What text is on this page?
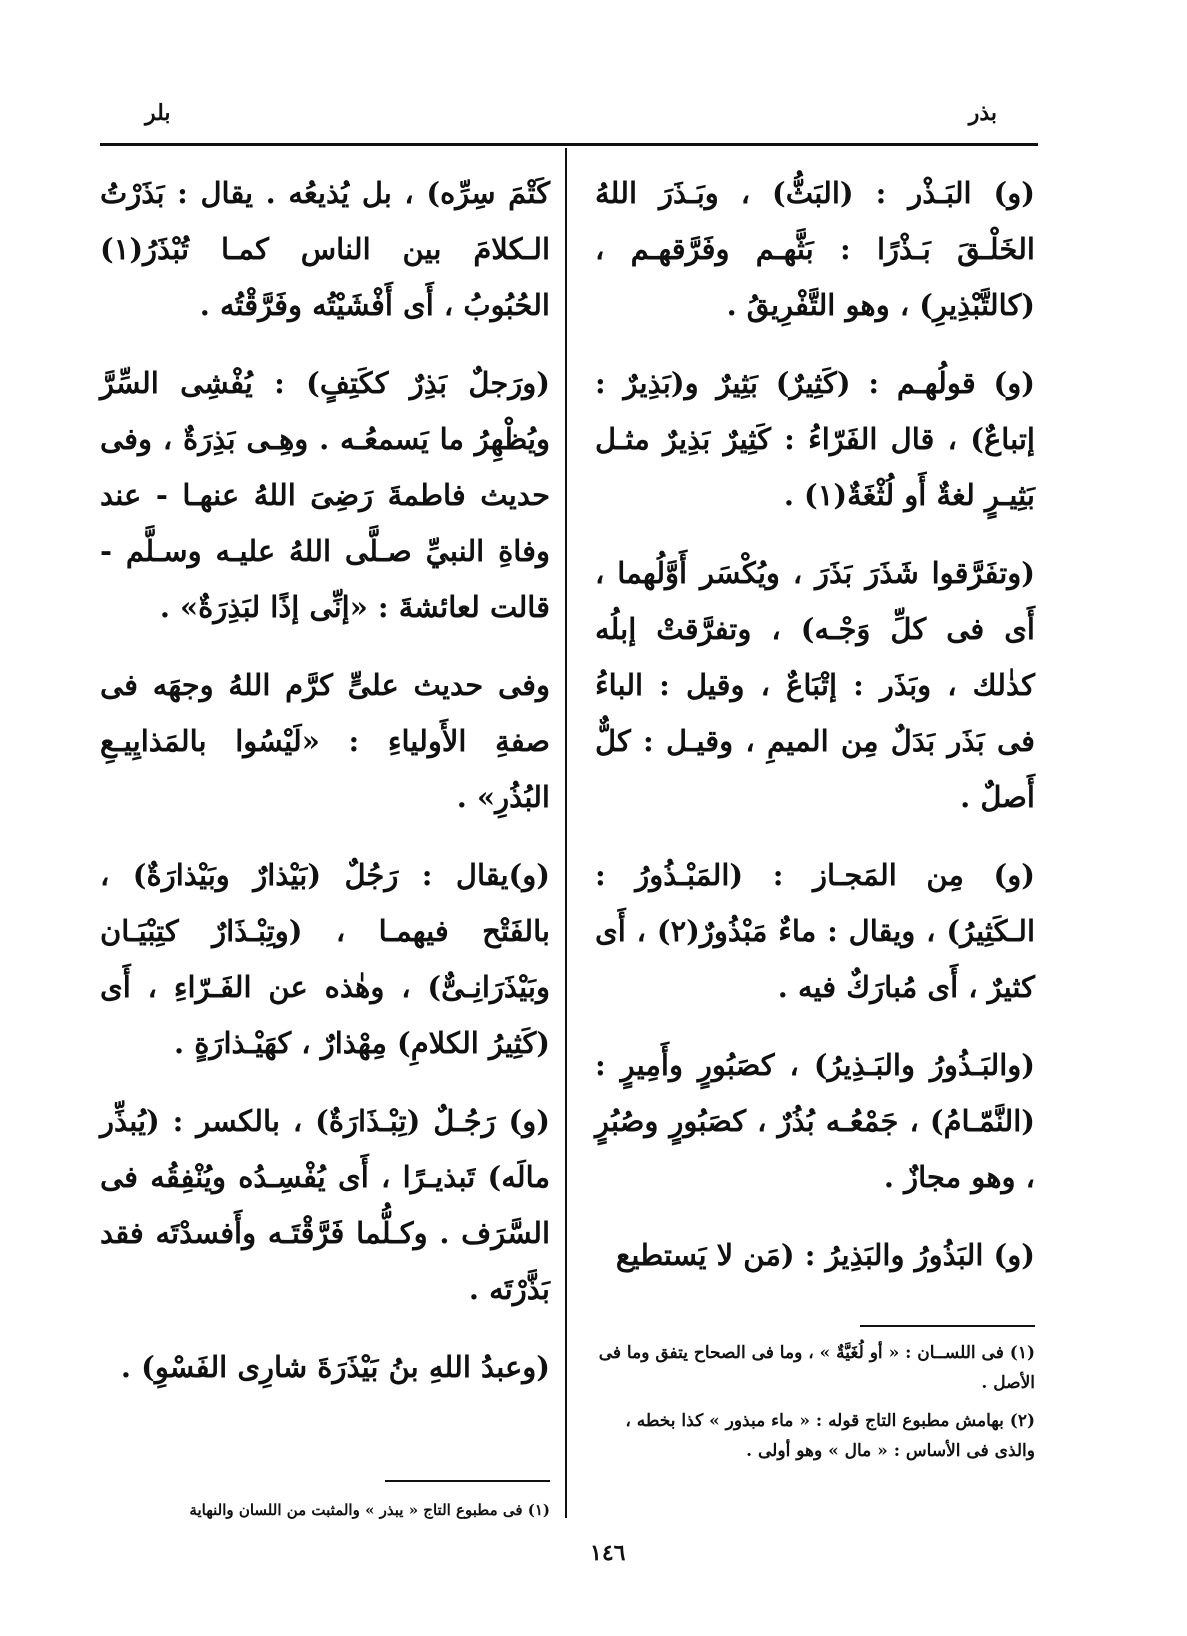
بذر
بلر

(و) البَـذْر : (البَثُّ) ، وبَـذَرَ اللهُ الخَلْـقَ بَـذْرًا : بَثَّهـم وفَرَّقهـم ، (كالتَّبْذِيرِ) ، وهو التَّفْرِيقُ .

(و) قولُهـم : (كَثِيرٌ) بَثِيرٌ و(بَذِيرٌ : إتباعٌ) ، قال الفَرّاءُ : كَثِيرٌ بَذِيرٌ مثـل بَثِيـرٍ لغةٌ أَو لُثْغَةٌ(١) .

(وتفَرَّقوا شَذَرَ بَذَرَ ، ويُكْسَر أَوَّلُهما ، أَى فى كلِّ وَجْـه) ، وتفرَّقتْ إبلُه كذٰلك ، وبَذَر : إتْبَاعٌ ، وقيل : الباءُ فى بَذَر بَدَلٌ مِن الميمِ ، وقيـل : كلٌّ أَصلٌ .

(و) مِن المَجـاز : (المَبْـذُورُ : الـكَثِيرُ) ، ويقال : ماءٌ مَبْذُورٌ(٢) ، أَى كثيرٌ ، أَى مُبارَكٌ فيه .

(والبَـذُورُ والبَـذِيرُ) ، كصَبُورٍ وأَمِيرٍ : (النَّمّـامُ) ، جَمْعُـه بُذُرٌ ، كصَبُورٍ وصُبُرٍ ، وهو مجازٌ .

(و) البَذُورُ والبَذِيرُ : (مَن لا يَستطيع

كَتْمَ سِرِّه) ، بل يُذيعُه . يقال : بَذَرْتُ الـكلامَ بين الناس كمـا تُبْذَرُ(١) الحُبُوبُ ، أَى أَفْشَيْتُه وفَرَّقْتُه .

(ورَجلٌ بَذِرٌ ككَتِفٍ) : يُفْشِى السِّرَّ ويُظْهِرُ ما يَسمعُـه . وهِـى بَذِرَةٌ ، وفى حديث فاطمةَ رَضِىَ اللهُ عنهـا - عند وفاةِ النبيِّ صـلَّى اللهُ عليـه وسـلَّم - قالت لعائشةَ : «إنِّى إذًا لبَذِرَةٌ» .

وفى حديث علىٍّ كرَّم اللهُ وجهَه فى صفةِ الأَولياءِ : «لَيْسُوا بالمَذايِيـعِ البُذُرِ» .

(و)يقال : رَجُلٌ (بَيْذارٌ وبَيْذارَةٌ) ، بالفَتْح فيهمـا ، (وتِبْـذَارٌ كتِبْيَـان وبَيْذَرَانِـىٌّ) ، وهٰذه عن الفَـرّاءِ ، أَى (كَثِيرُ الكلامِ) مِهْذارٌ ، كهَيْـذارَةٍ .

(و) رَجُـلٌ (تِبْـذَارَةٌ) ، بالكسر : (يُبذِّر مالَه) تَبذيـرًا ، أَى يُفْسِـدُه ويُنْفِقُه فى السَّرَف . وكـلُّما فَرَّقْتَـه وأَفسدْتَه فقد بَذَّرْتَه .

(وعبدُ اللهِ بنُ بَيْذَرَةَ شارِى الفَسْوِ) .	(١) فى اللســان : « أو لُغَيَّةٌ » ، وما فى الصحاح يتفق وما فى الأصل .

(٢) بهامش مطبوع التاج قوله : « ماء مبذور » كذا بخطه ، والذى فى الأساس : « مال » وهو أولى .

(١) فى مطبوع التاج « يبذر » والمثبت من اللسان والنهاية

١٤٦
